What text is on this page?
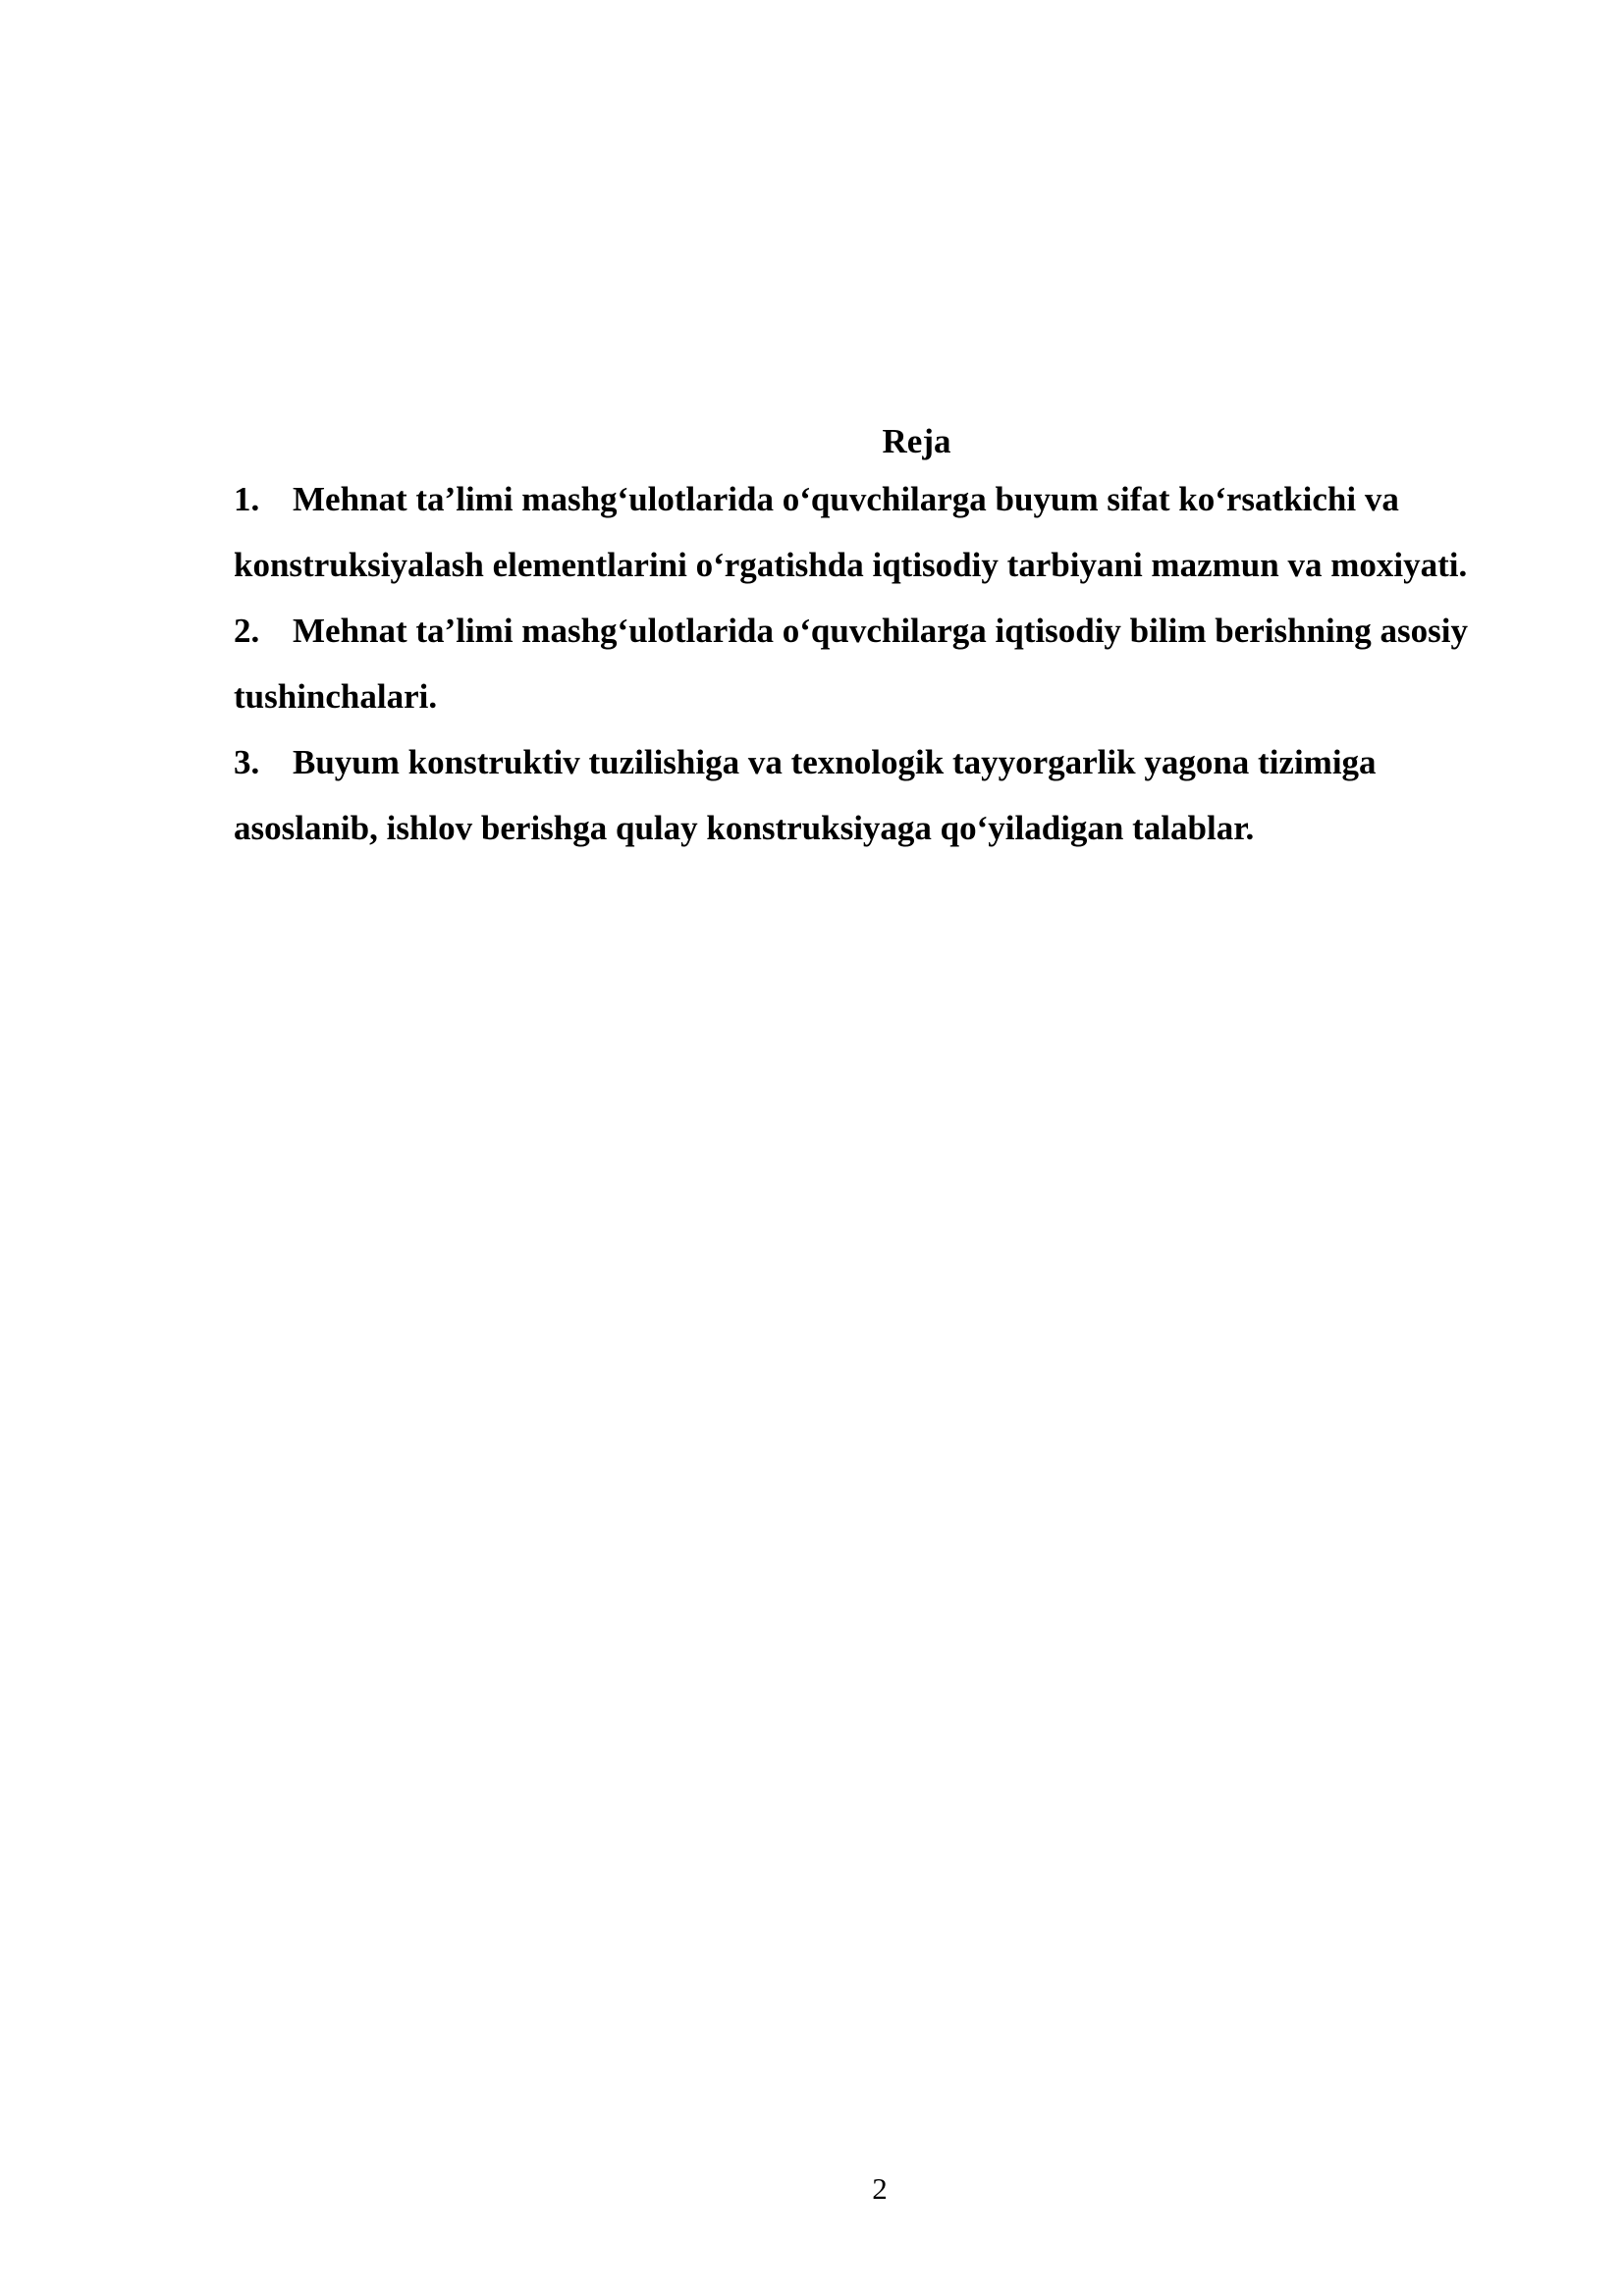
Reja

1. Mehnat ta’limi mashg‘ulotlarida o‘quvchilarga buyum sifat ko‘rsatkichi va konstruksiyalash elementlarini o‘rgatishda iqtisodiy tarbiyani mazmun va moxiyati.

2. Mehnat ta’limi mashg‘ulotlarida o‘quvchilarga iqtisodiy bilim berishning asosiy tushinchalari.

3. Buyum konstruktiv tuzilishiga va texnologik tayyorgarlik yagona tizimiga asoslanib, ishlov berishga qulay konstruksiyaga qo‘yiladigan talablar.

2
